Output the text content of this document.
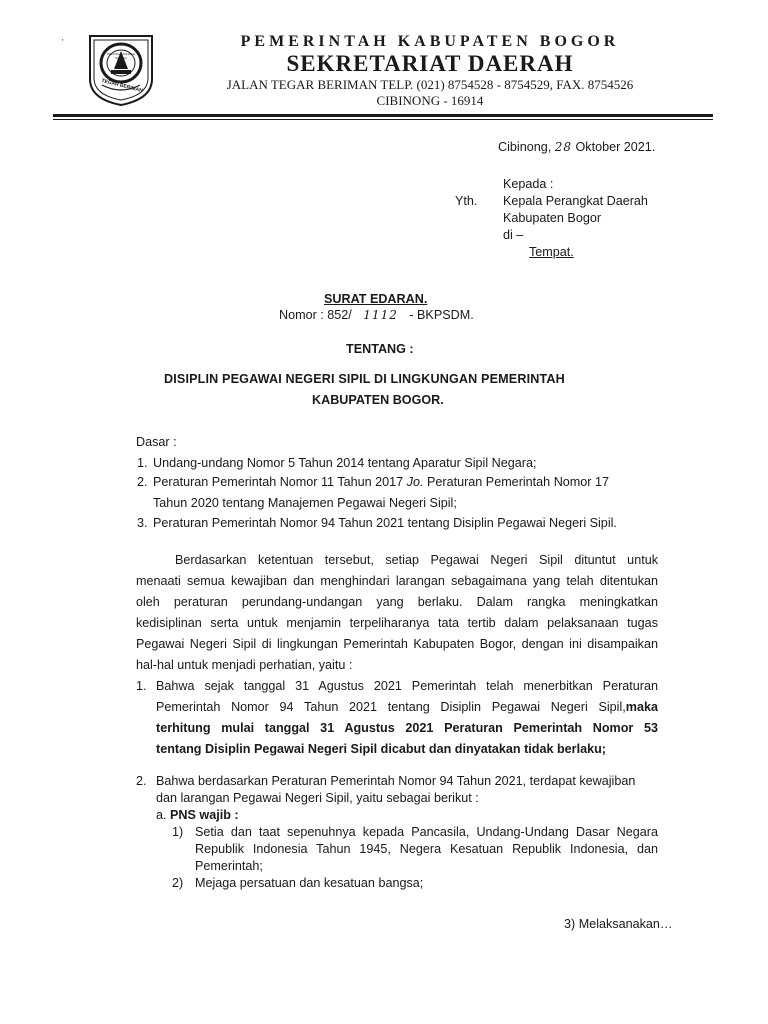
'
TEGAR BERIMAN
PRAYOGA TOHAGA SAYAGA
PEMERINTAH KABUPATEN BOGOR
SEKRETARIAT DAERAH
JALAN TEGAR BERIMAN TELP. (021) 8754528 - 8754529, FAX. 8754526
CIBINONG - 16914
Cibinong, 28 Oktober 2021.
Kepada :
Yth. Kepala Perangkat Daerah
Kabupaten Bogor
di –
Tempat.
SURAT EDARAN.
Nomor : 852/ 1112 - BKPSDM.
TENTANG :
DISIPLIN PEGAWAI NEGERI SIPIL DI LINGKUNGAN PEMERINTAH
KABUPATEN BOGOR.
Dasar :
1. Undang-undang Nomor 5 Tahun 2014 tentang Aparatur Sipil Negara;
2. Peraturan Pemerintah Nomor 11 Tahun 2017 Jo. Peraturan Pemerintah Nomor 17
Tahun 2020 tentang Manajemen Pegawai Negeri Sipil;
3. Peraturan Pemerintah Nomor 94 Tahun 2021 tentang Disiplin Pegawai Negeri Sipil.
Berdasarkan ketentuan tersebut, setiap Pegawai Negeri Sipil dituntut untuk
menaati semua kewajiban dan menghindari larangan sebagaimana yang telah ditentukan
oleh peraturan perundang-undangan yang berlaku. Dalam rangka meningkatkan
kedisiplinan serta untuk menjamin terpeliharanya tata tertib dalam pelaksanaan tugas
Pegawai Negeri Sipil di lingkungan Pemerintah Kabupaten Bogor, dengan ini disampaikan
hal-hal untuk menjadi perhatian, yaitu :
1. Bahwa sejak tanggal 31 Agustus 2021 Pemerintah telah menerbitkan Peraturan
Pemerintah Nomor 94 Tahun 2021 tentang Disiplin Pegawai Negeri Sipil, maka
terhitung mulai tanggal 31 Agustus 2021 Peraturan Pemerintah Nomor 53
tentang Disiplin Pegawai Negeri Sipil dicabut dan dinyatakan tidak berlaku;
2. Bahwa berdasarkan Peraturan Pemerintah Nomor 94 Tahun 2021, terdapat kewajiban
dan larangan Pegawai Negeri Sipil, yaitu sebagai berikut :
a. PNS wajib :
1) Setia dan taat sepenuhnya kepada Pancasila, Undang-Undang Dasar Negara
Republik Indonesia Tahun 1945, Negera Kesatuan Republik Indonesia, dan
Pemerintah;
2) Mejaga persatuan dan kesatuan bangsa;
3) Melaksanakan…
